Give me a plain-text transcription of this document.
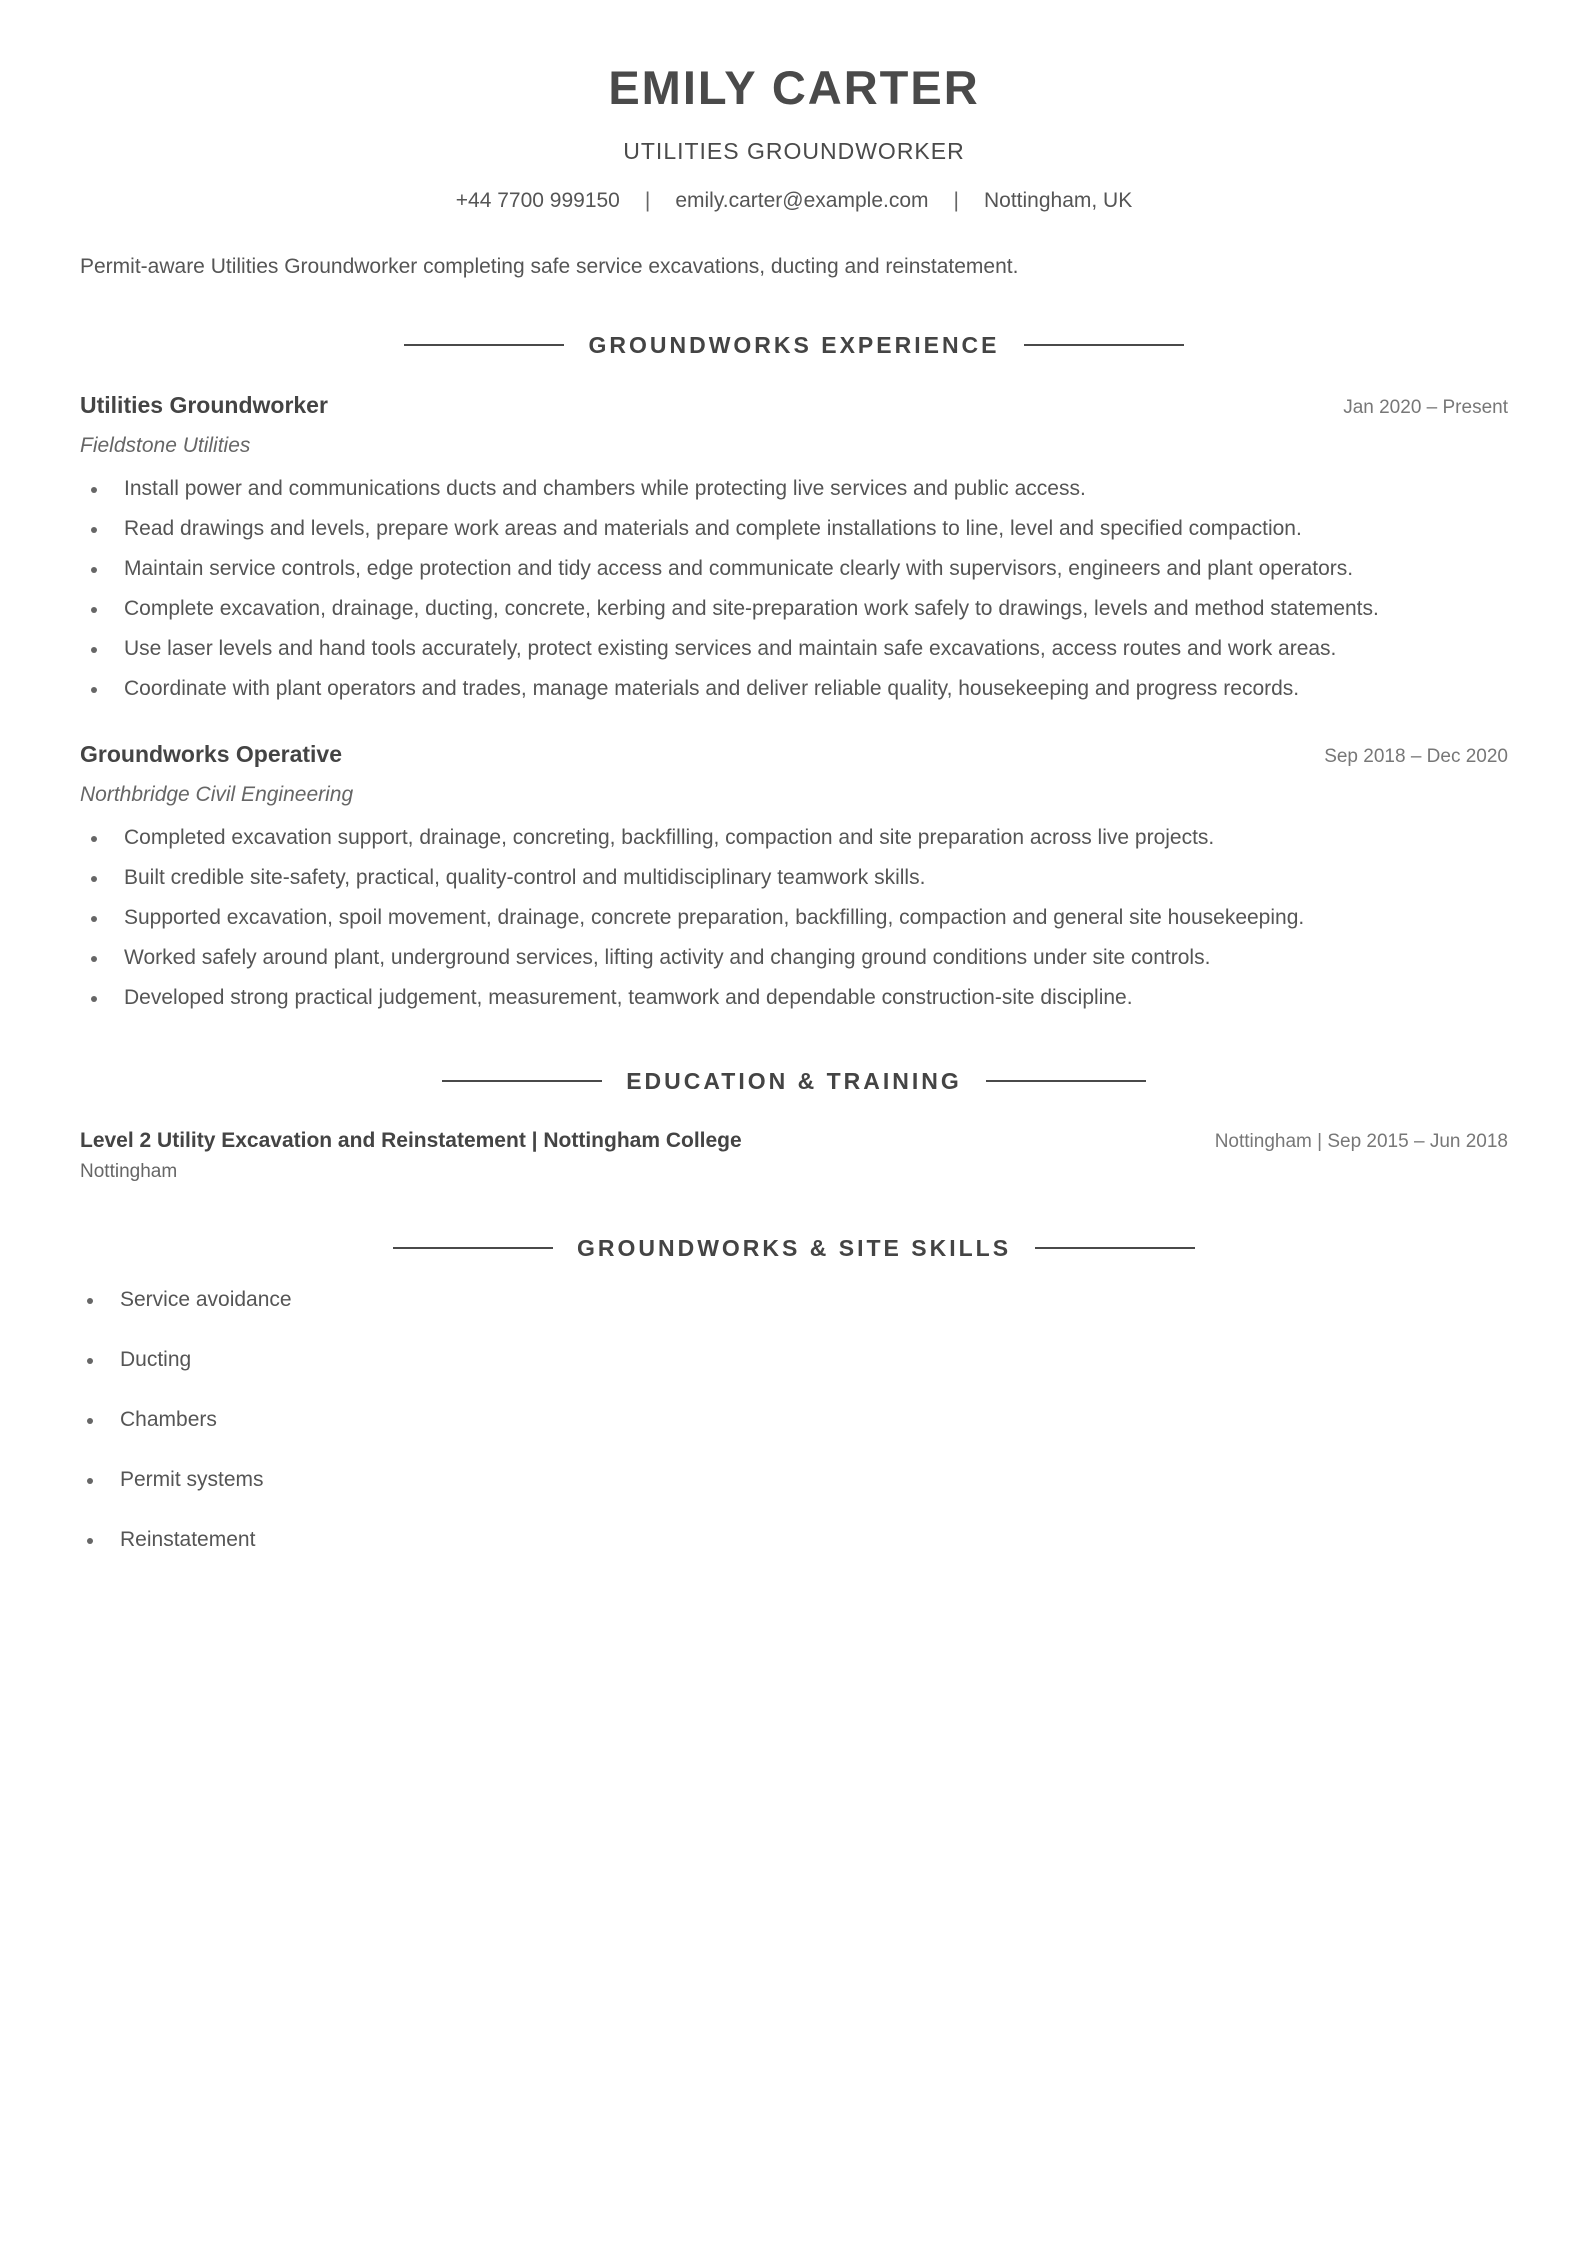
EMILY CARTER
UTILITIES GROUNDWORKER
+44 7700 999150 | emily.carter@example.com | Nottingham, UK
Permit-aware Utilities Groundworker completing safe service excavations, ducting and reinstatement.
GROUNDWORKS EXPERIENCE
Utilities Groundworker	Jan 2020 – Present
Fieldstone Utilities
Install power and communications ducts and chambers while protecting live services and public access.
Read drawings and levels, prepare work areas and materials and complete installations to line, level and specified compaction.
Maintain service controls, edge protection and tidy access and communicate clearly with supervisors, engineers and plant operators.
Complete excavation, drainage, ducting, concrete, kerbing and site-preparation work safely to drawings, levels and method statements.
Use laser levels and hand tools accurately, protect existing services and maintain safe excavations, access routes and work areas.
Coordinate with plant operators and trades, manage materials and deliver reliable quality, housekeeping and progress records.
Groundworks Operative	Sep 2018 – Dec 2020
Northbridge Civil Engineering
Completed excavation support, drainage, concreting, backfilling, compaction and site preparation across live projects.
Built credible site-safety, practical, quality-control and multidisciplinary teamwork skills.
Supported excavation, spoil movement, drainage, concrete preparation, backfilling, compaction and general site housekeeping.
Worked safely around plant, underground services, lifting activity and changing ground conditions under site controls.
Developed strong practical judgement, measurement, teamwork and dependable construction-site discipline.
EDUCATION & TRAINING
Level 2 Utility Excavation and Reinstatement | Nottingham College	Nottingham | Sep 2015 – Jun 2018
Nottingham
GROUNDWORKS & SITE SKILLS
Service avoidance
Ducting
Chambers
Permit systems
Reinstatement
